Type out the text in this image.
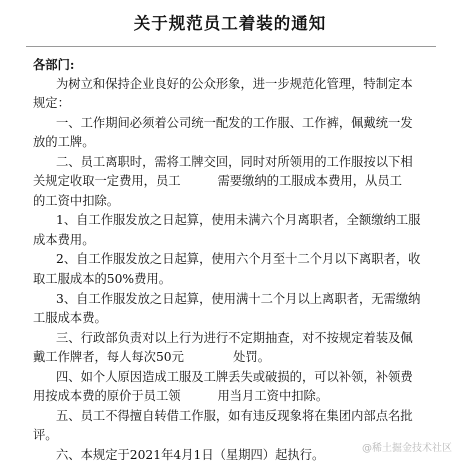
关于规范员工着装的通知
各部门:
为树立和保持企业良好的公众形象，进一步规范化管理，特制定本
规定：
一、工作期间必须着公司统一配发的工作服、工作裤，佩戴统一发
放的工牌。
二、员工离职时，需将工牌交回，同时对所领用的工作服按以下相
关规定收取一定费用，员工　　　需要缴纳的工服成本费用，从员工
的工资中扣除。
1、自工作服发放之日起算，使用未满六个月离职者，全额缴纳工服
成本费用。
2、自工作服发放之日起算，使用六个月至十二个月以下离职者，收
取工服成本的50%费用。
3、自工作服发放之日起算，使用满十二个月以上离职者，无需缴纳
工服成本费。
三、行政部负责对以上行为进行不定期抽查，对不按规定着装及佩
戴工作牌者，每人每次50元　　　　处罚。
四、如个人原因造成工服及工牌丢失或破损的，可以补领，补领费
用按成本费的原价于员工领　　　用当月工资中扣除。
五、员工不得擅自转借工作服，如有违反现象将在集团内部点名批
评。
六、本规定于2021年4月1日（星期四）起执行。	@稀土掘金技术社区
